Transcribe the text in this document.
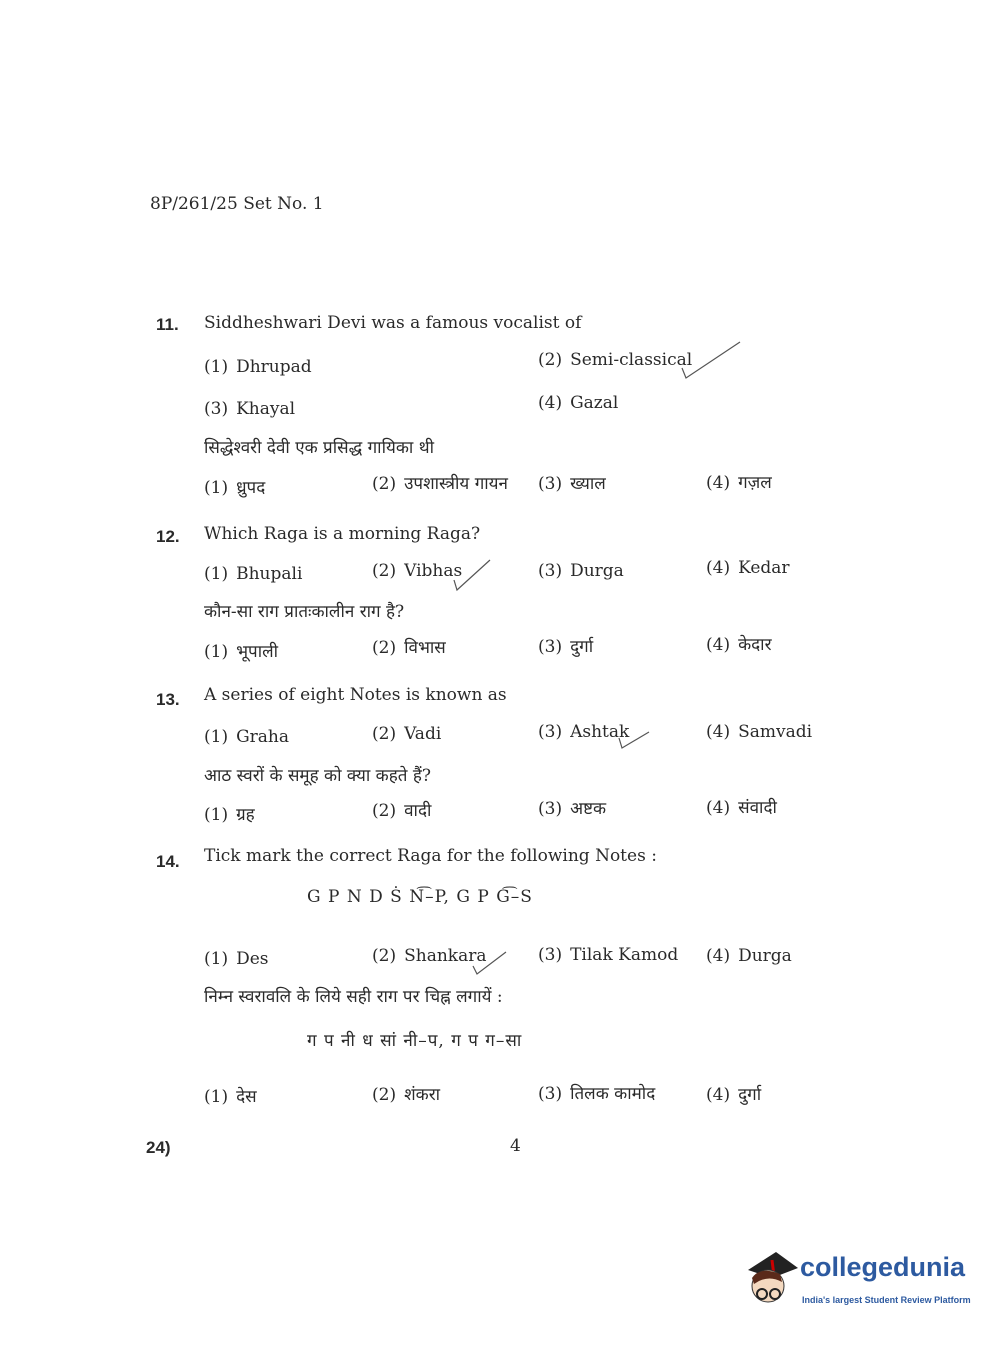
8P/261/25 Set No. 1
11. Siddheshwari Devi was a famous vocalist of
(1) Dhrupad	(2) Semi-classical
(3) Khayal	(4) Gazal
सिद्धेश्वरी देवी एक प्रसिद्ध गायिका थी
(1) ध्रुपद	(2) उपशास्त्रीय गायन (3) ख्याल	(4) गज़ल
12. Which Raga is a morning Raga?
(1) Bhupali	(2) Vibhas	(3) Durga	(4) Kedar
कौन-सा राग प्रातःकालीन राग है?
(1) भूपाली	(2) विभास	(3) दुर्गा	(4) केदार
13. A series of eight Notes is known as
(1) Graha	(2) Vadi	(3) Ashtak	(4) Samvadi
आठ स्वरों के समूह को क्या कहते हैं?
(1) ग्रह	(2) वादी	(3) अष्टक	(4) संवादी
14. Tick mark the correct Raga for the following Notes :
G P N D Ṡ N͡–P, G P G͡–S
(1) Des	(2) Shankara	(3) Tilak Kamod (4) Durga
निम्न स्वरावलि के लिये सही राग पर चिह्न लगायें :
ग प नी ध सां नी–प, ग प ग–सा
(1) देस	(2) शंकरा	(3) तिलक कामोद	(4) दुर्गा
24)	4
collegedunia
India's largest Student Review Platform
